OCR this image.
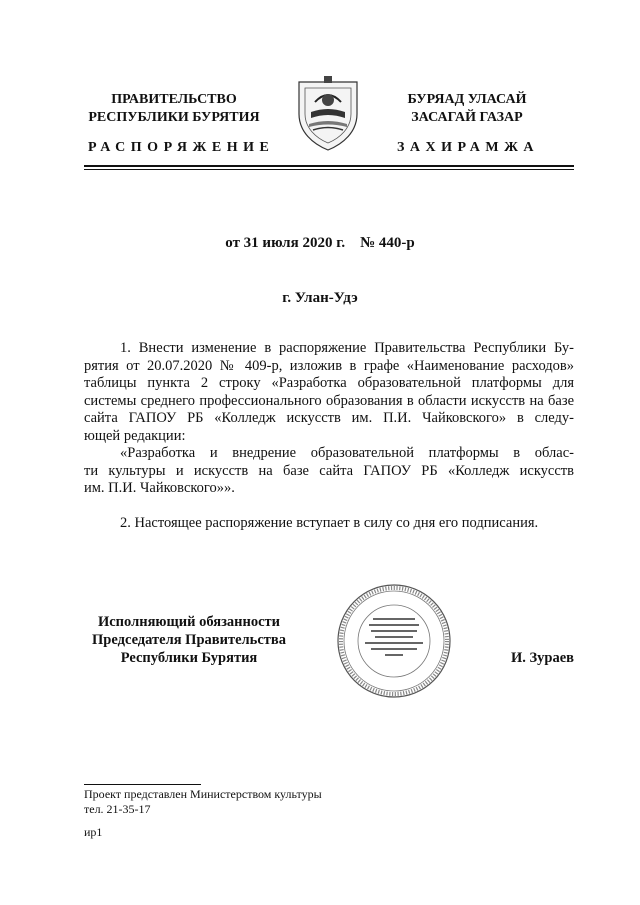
ПРАВИТЕЛЬСТВО
РЕСПУБЛИКИ БУРЯТИЯ
РАСПОРЯЖЕНИЕ
БУРЯАД УЛАСАЙ
ЗАСАГАЙ ГАЗАР
ЗАХИРАМЖА
от 31 июля 2020 г.    № 440-р
г. Улан-Удэ
1. Внести изменение в распоряжение Правительства Республики Бу-
рятия от 20.07.2020 № 409-р, изложив в графе «Наименование расходов» таблицы пункта 2 строку «Разработка образовательной платформы для системы среднего профессионального образования в области искусств на базе сайта ГАПОУ РБ «Колледж искусств им. П.И. Чайковского» в следу-
ющей редакции:
«Разработка и внедрение образовательной платформы в облас-
ти культуры и искусств на базе сайта ГАПОУ РБ «Колледж искусств
им. П.И. Чайковского»».
2. Настоящее распоряжение вступает в силу со дня его подписания.
Исполняющий обязанности
Председателя Правительства
Республики Бурятия	И. Зураев
Проект представлен Министерством культуры
тел. 21-35-17
ир1
